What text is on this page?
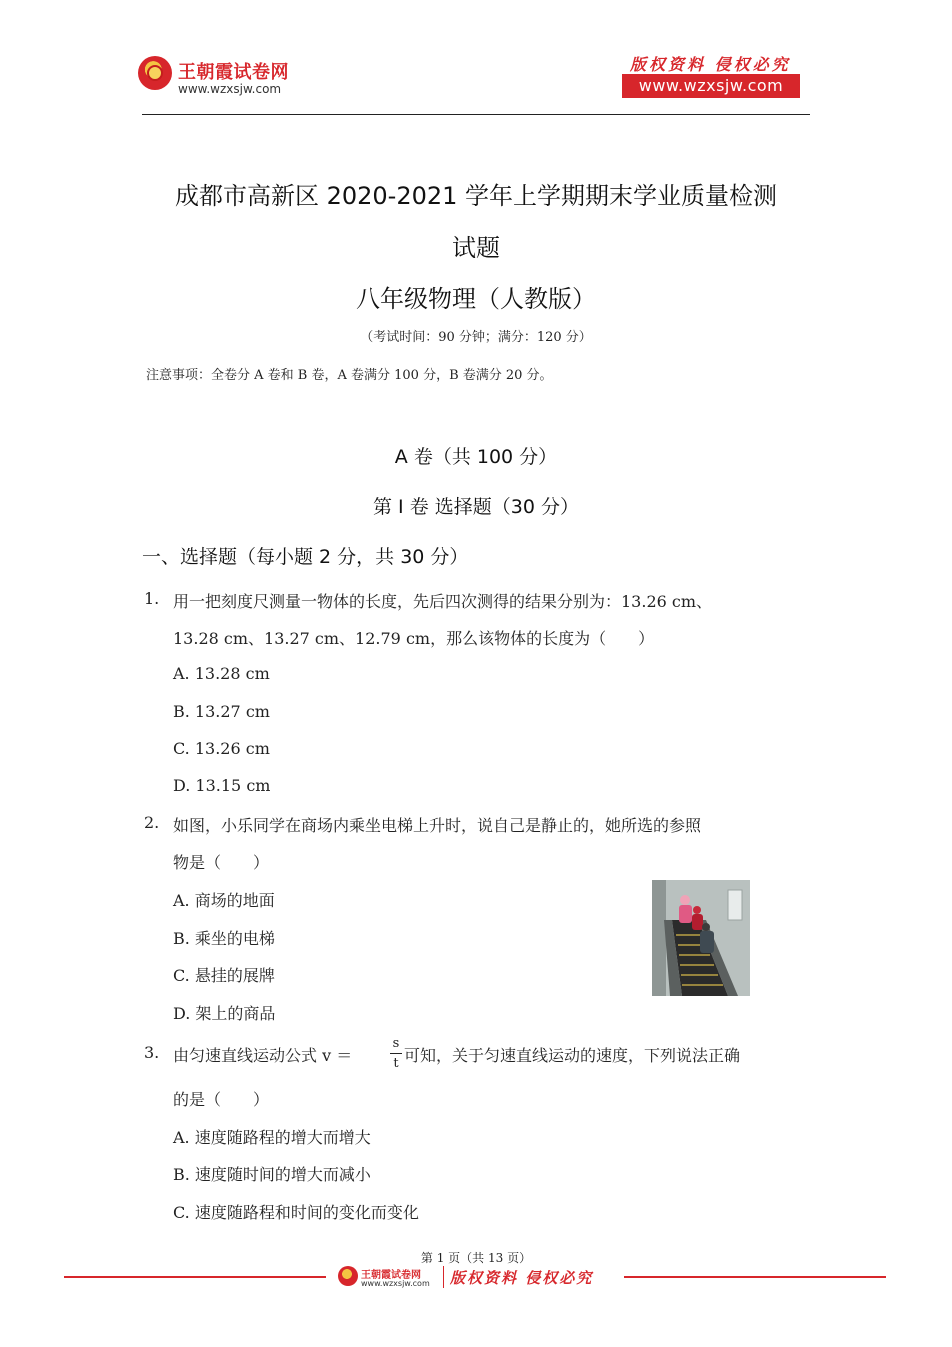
王朝霞试卷网
www.wzxsjw.com
版权资料 侵权必究
www.wzxsjw.com
成都市高新区 2020-2021 学年上学期期末学业质量检测
试题
八年级物理（人教版）
（考试时间：90 分钟；满分：120 分）
注意事项：全卷分 A 卷和 B 卷，A 卷满分 100 分，B 卷满分 20 分。
A 卷（共 100 分）
第 I 卷 选择题（30 分）
一、选择题（每小题 2 分，共 30 分）
1. 用一把刻度尺测量一物体的长度，先后四次测得的结果分别为：13.26 cm、
13.28 cm、13.27 cm、12.79 cm，那么该物体的长度为（　　）
A. 13.28 cm
B. 13.27 cm
C. 13.26 cm
D. 13.15 cm
2. 如图，小乐同学在商场内乘坐电梯上升时，说自己是静止的，她所选的参照
物是（　　）
A. 商场的地面
B. 乘坐的电梯
C. 悬挂的展牌
D. 架上的商品
3. 由匀速直线运动公式 v ＝
s
t 可知，关于匀速直线运动的速度，下列说法正确
的是（　　）
A. 速度随路程的增大而增大
B. 速度随时间的增大而减小
C. 速度随路程和时间的变化而变化
第 1 页（共 13 页）
王朝霞试卷网
www.wzxsjw.com 版权资料 侵权必究
